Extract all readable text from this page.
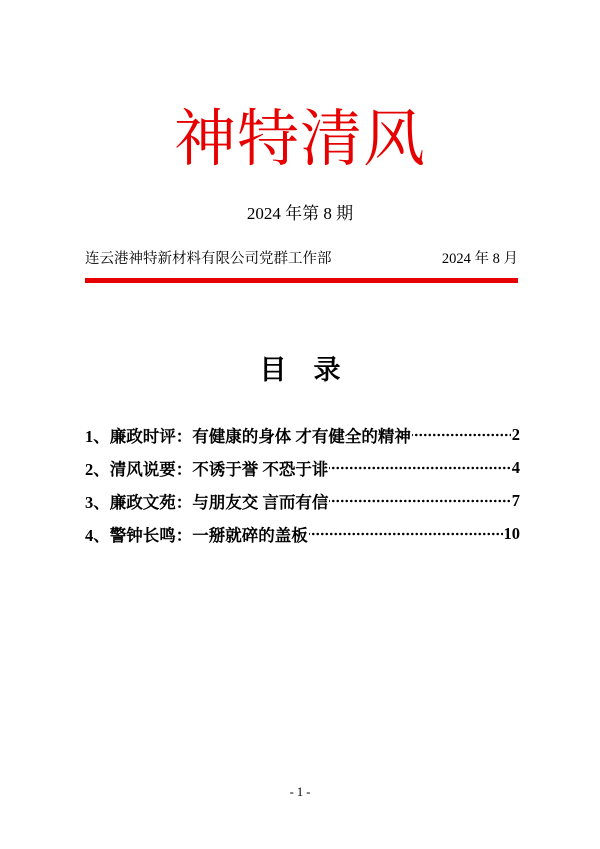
神特清风
2024 年第 8 期
连云港神特新材料有限公司党群工作部	2024 年 8 月
目　录
1、廉政时评：有健康的身体 才有健全的精神	2
2、清风说要：不诱于誉 不恐于诽	4
3、廉政文苑：与朋友交 言而有信	7
4、警钟长鸣：一掰就碎的盖板	10
- 1 -
